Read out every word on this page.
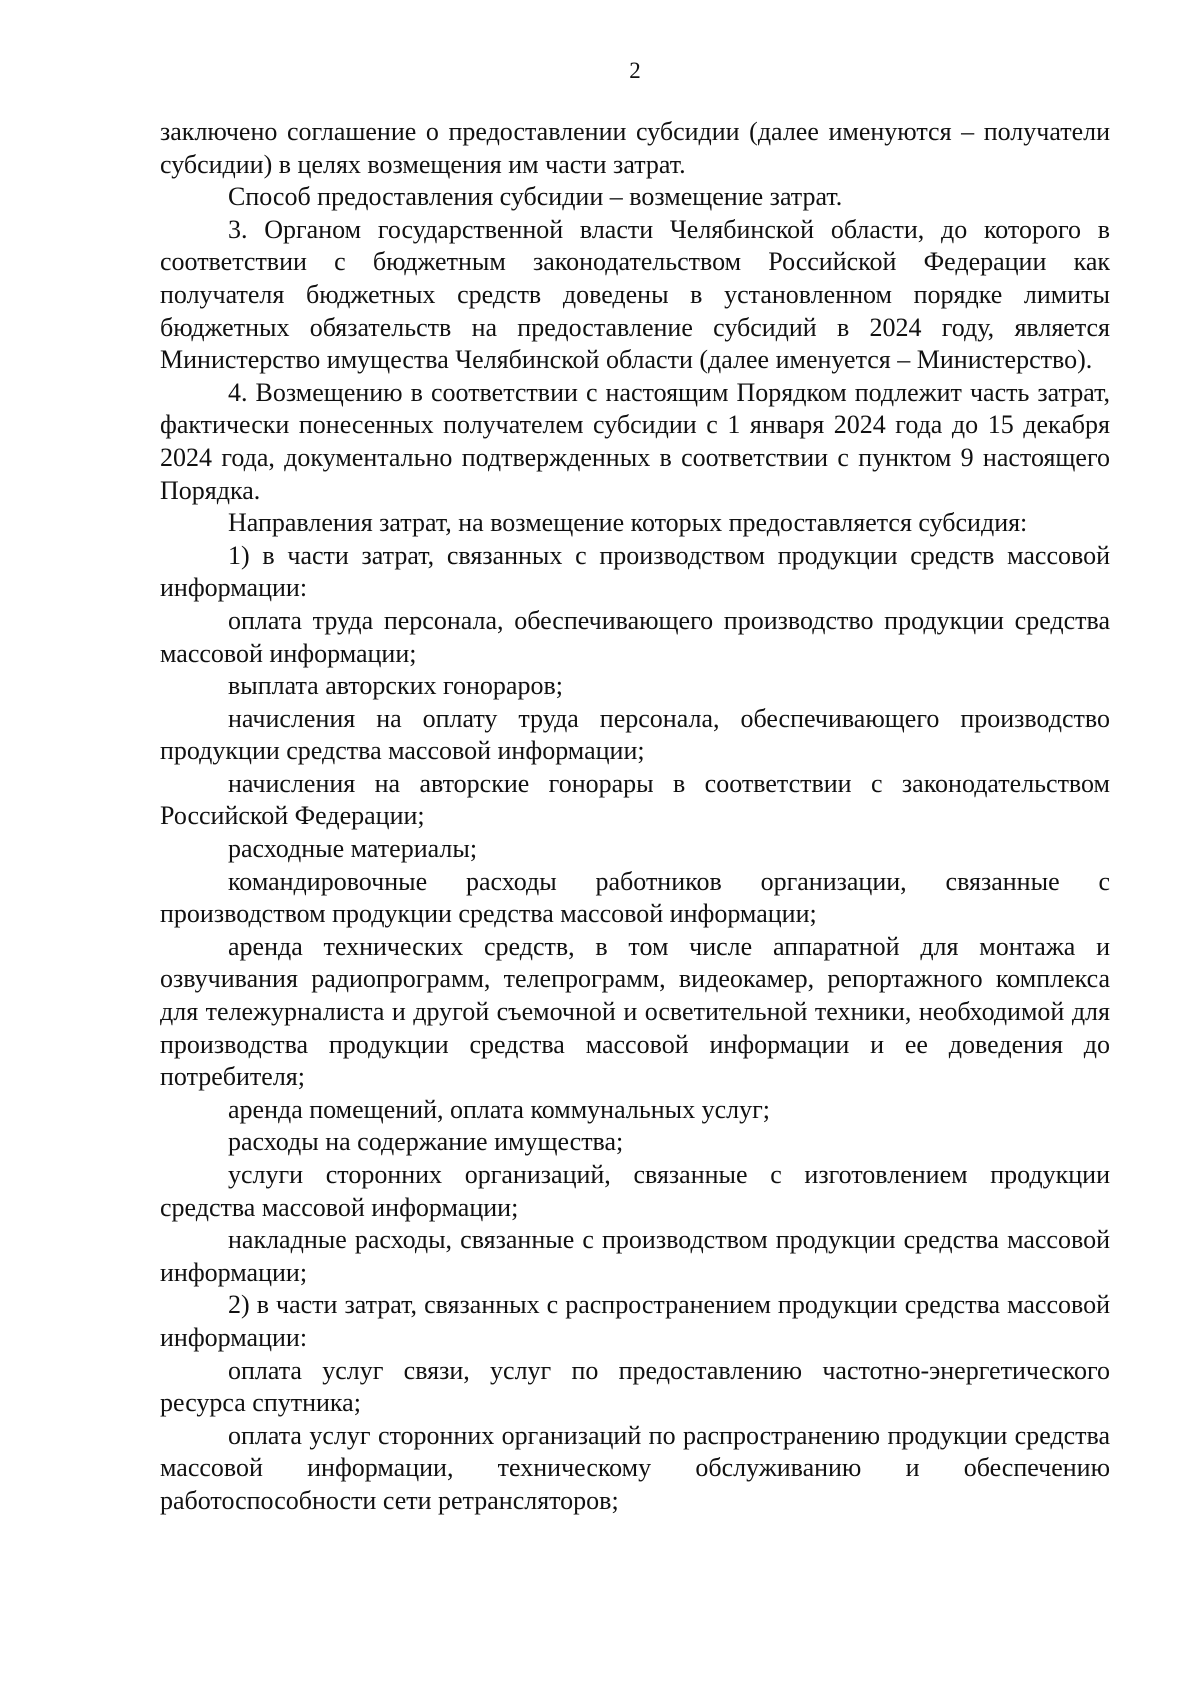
2

заключено соглашение о предоставлении субсидии (далее именуются – получатели субсидии) в целях возмещения им части затрат.

Способ предоставления субсидии – возмещение затрат.

3. Органом государственной власти Челябинской области, до которого в соответствии с бюджетным законодательством Российской Федерации как получателя бюджетных средств доведены в установленном порядке лимиты бюджетных обязательств на предоставление субсидий в 2024 году, является Министерство имущества Челябинской области (далее именуется – Министерство).

4. Возмещению в соответствии с настоящим Порядком подлежит часть затрат, фактически понесенных получателем субсидии с 1 января 2024 года до 15 декабря 2024 года, документально подтвержденных в соответствии с пунктом 9 настоящего Порядка.

Направления затрат, на возмещение которых предоставляется субсидия:

1) в части затрат, связанных с производством продукции средств массовой информации:

оплата труда персонала, обеспечивающего производство продукции средства массовой информации;

выплата авторских гонораров;

начисления на оплату труда персонала, обеспечивающего производство продукции средства массовой информации;

начисления на авторские гонорары в соответствии с законодательством Российской Федерации;

расходные материалы;

командировочные расходы работников организации, связанные с производством продукции средства массовой информации;

аренда технических средств, в том числе аппаратной для монтажа и озвучивания радиопрограмм, телепрограмм, видеокамер, репортажного комплекса для тележурналиста и другой съемочной и осветительной техники, необходимой для производства продукции средства массовой информации и ее доведения до потребителя;

аренда помещений, оплата коммунальных услуг;

расходы на содержание имущества;

услуги сторонних организаций, связанные с изготовлением продукции средства массовой информации;

накладные расходы, связанные с производством продукции средства массовой информации;

2) в части затрат, связанных с распространением продукции средства массовой информации:

оплата услуг связи, услуг по предоставлению частотно-энергетического ресурса спутника;

оплата услуг сторонних организаций по распространению продукции средства массовой информации, техническому обслуживанию и обеспечению работоспособности сети ретрансляторов;
